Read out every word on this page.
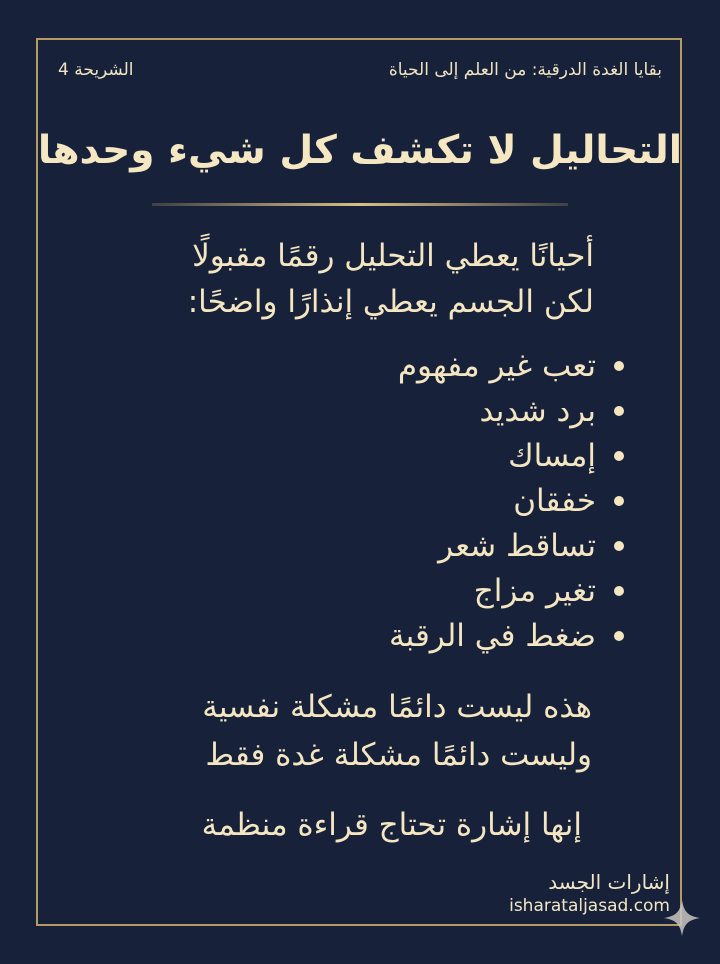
بقايا الغدة الدرقية: من العلم إلى الحياة
الشريحة 4
التحاليل لا تكشف كل شيء وحدها
أحيانًا يعطي التحليل رقمًا مقبولًا
لكن الجسم يعطي إنذارًا واضحًا:
تعب غير مفهوم
برد شديد
إمساك
خفقان
تساقط شعر
تغير مزاج
ضغط في الرقبة
هذه ليست دائمًا مشكلة نفسية
وليست دائمًا مشكلة غدة فقط
إنها إشارة تحتاج قراءة منظمة
إشارات الجسد
isharataljasad.com
